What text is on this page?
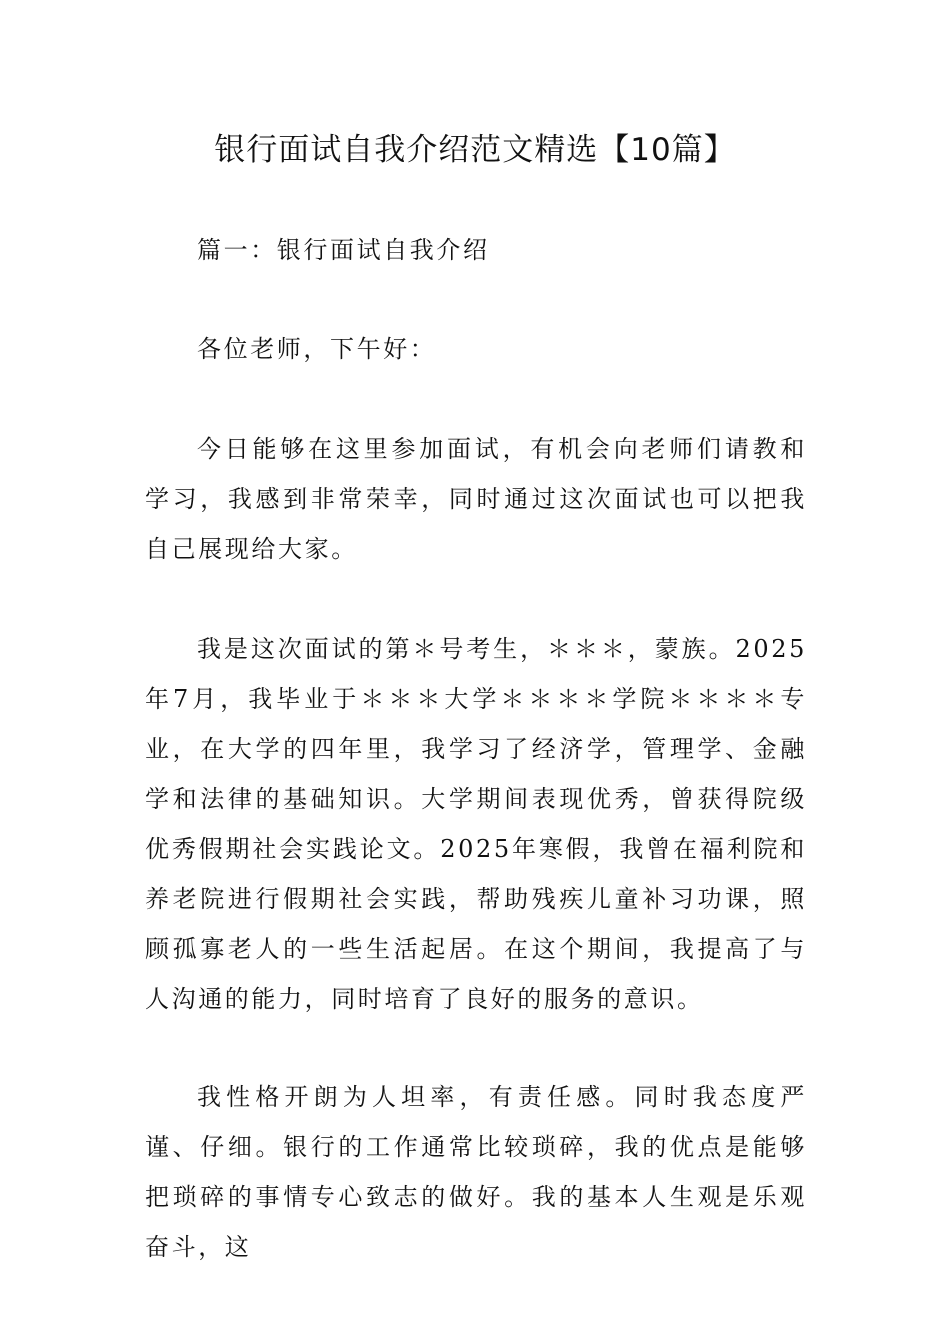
银行面试自我介绍范文精选【10篇】

篇一：银行面试自我介绍

各位老师，下午好：

今日能够在这里参加面试，有机会向老师们请教和学习，我感到非常荣幸，同时通过这次面试也可以把我自己展现给大家。

我是这次面试的第＊号考生，＊＊＊，蒙族。2025年7月，我毕业于＊＊＊大学＊＊＊＊学院＊＊＊＊专业，在大学的四年里，我学习了经济学，管理学、金融学和法律的基础知识。大学期间表现优秀，曾获得院级优秀假期社会实践论文。2025年寒假，我曾在福利院和养老院进行假期社会实践，帮助残疾儿童补习功课，照顾孤寡老人的一些生活起居。在这个期间，我提高了与人沟通的能力，同时培育了良好的服务的意识。

我性格开朗为人坦率，有责任感。同时我态度严谨、仔细。银行的工作通常比较琐碎，我的优点是能够把琐碎的事情专心致志的做好。我的基本人生观是乐观奋斗，这
